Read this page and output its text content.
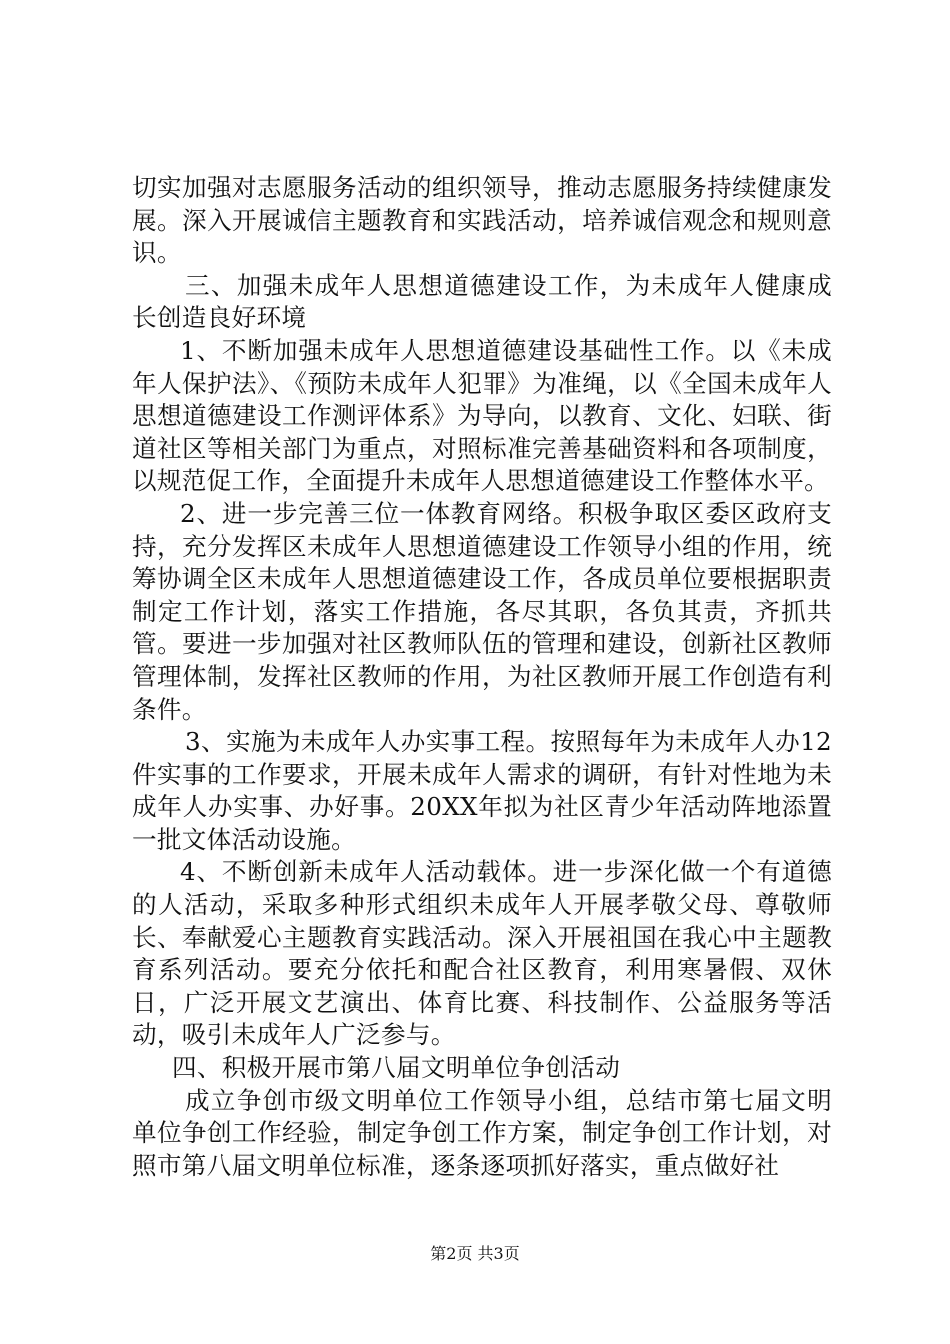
切实加强对志愿服务活动的组织领导，推动志愿服务持续健康发展。深入开展诚信主题教育和实践活动，培养诚信观念和规则意识。

三、加强未成年人思想道德建设工作，为未成年人健康成长创造良好环境

1、不断加强未成年人思想道德建设基础性工作。以《未成年人保护法》、《预防未成年人犯罪》为准绳，以《全国未成年人思想道德建设工作测评体系》为导向，以教育、文化、妇联、街道社区等相关部门为重点，对照标准完善基础资料和各项制度，以规范促工作，全面提升未成年人思想道德建设工作整体水平。

2、进一步完善三位一体教育网络。积极争取区委区政府支持，充分发挥区未成年人思想道德建设工作领导小组的作用，统筹协调全区未成年人思想道德建设工作，各成员单位要根据职责制定工作计划，落实工作措施，各尽其职，各负其责，齐抓共管。要进一步加强对社区教师队伍的管理和建设，创新社区教师管理体制，发挥社区教师的作用，为社区教师开展工作创造有利条件。

3、实施为未成年人办实事工程。按照每年为未成年人办12件实事的工作要求，开展未成年人需求的调研，有针对性地为未成年人办实事、办好事。20XX年拟为社区青少年活动阵地添置一批文体活动设施。

4、不断创新未成年人活动载体。进一步深化做一个有道德的人活动，采取多种形式组织未成年人开展孝敬父母、尊敬师长、奉献爱心主题教育实践活动。深入开展祖国在我心中主题教育系列活动。要充分依托和配合社区教育，利用寒暑假、双休日，广泛开展文艺演出、体育比赛、科技制作、公益服务等活动，吸引未成年人广泛参与。

四、积极开展市第八届文明单位争创活动

成立争创市级文明单位工作领导小组，总结市第七届文明单位争创工作经验，制定争创工作方案，制定争创工作计划，对照市第八届文明单位标准，逐条逐项抓好落实，重点做好社

第2页 共3页
